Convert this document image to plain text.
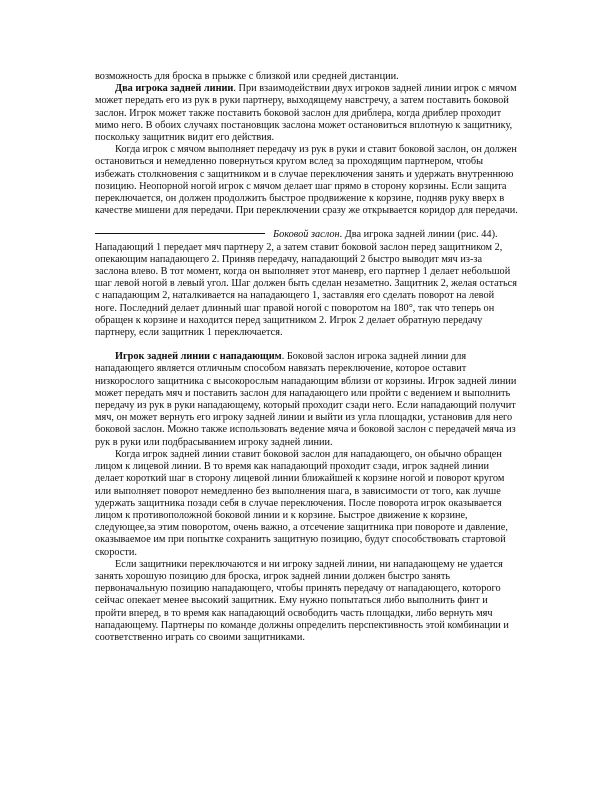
возможность для броска в прыжке с близкой или средней дистанции.

Два игрока задней линии. При взаимодействии двух игроков задней линии игрок с мячом может передать его из рук в руки партнеру, выходящему навстречу, а затем поставить боковой заслон. Игрок может также поставить боковой заслон для дриблера, когда дриблер проходит мимо него. В обоих случаях постановщик заслона может остановиться вплотную к защитнику, поскольку защитник видит его действия.

Когда игрок с мячом выполняет передачу из рук в руки и ставит боковой заслон, он должен остановиться и немедленно повернуться кругом вслед за проходящим партнером, чтобы избежать столкновения с защитником и в случае переключения занять и удержать внутреннюю позицию. Неопорной ногой игрок с мячом делает шаг прямо в сторону корзины. Если защита переключается, он должен продолжить быстрое продвижение к корзине, подняв руку вверх в качестве мишени для передачи. При переключении сразу же открывается коридор для передачи.

Боковой заслон. Два игрока задней линии (рис. 44). Нападающий 1 передает мяч партнеру 2, а затем ставит боковой заслон перед защитником 2, опекающим нападающего 2. Приняв передачу, нападающий 2 быстро выводит мяч из-за заслона влево. В тот момент, когда он выполняет этот маневр, его партнер 1 делает небольшой шаг левой ногой в левый угол. Шаг должен быть сделан незаметно. Защитник 2, желая остаться с нападающим 2, наталкивается на нападающего 1, заставляя его сделать поворот на левой ноге. Последний делает длинный шаг правой ногой с поворотом на 180°, так что теперь он обращен к корзине и находится перед защитником 2. Игрок 2 делает обратную передачу партнеру, если защитник 1 переключается.

Игрок задней линии с нападающим. Боковой заслон игрока задней линии для нападающего является отличным способом навязать переключение, которое оставит низкорослого защитника с высокорослым нападающим вблизи от корзины. Игрок задней линии может передать мяч и поставить заслон для нападающего или пройти с ведением и выполнить передачу из рук в руки нападающему, который проходит сзади него. Если нападающий получит мяч, он может вернуть его игроку задней линии и выйти из угла площадки, установив для него боковой заслон. Можно также использовать ведение мяча и боковой заслон с передачей мяча из рук в руки или подбрасыванием игроку задней линии.

Когда игрок задней линии ставит боковой заслон для нападающего, он обычно обращен лицом к лицевой линии. В то время как нападающий проходит сзади, игрок задней линии делает короткий шаг в сторону лицевой линии ближайшей к корзине ногой и поворот кругом или выполняет поворот немедленно без выполнения шага, в зависимости от того, как лучше удержать защитника позади себя в случае переключения. После поворота игрок оказывается лицом к противоположной боковой линии и к корзине. Быстрое движение к корзине, следующее,за этим поворотом, очень важно, а отсечение защитника при повороте и давление, оказываемое им при попытке сохранить защитную позицию, будут способствовать стартовой скорости.

Если защитники переключаются и ни игроку задней линии, ни нападающему не удается занять хорошую позицию для броска, игрок задней линии должен быстро занять первоначальную позицию нападающего, чтобы принять передачу от нападающего, которого сейчас опекает менее высокий защитник. Ему нужно попытаться либо выполнить финт и пройти вперед, в то время как нападающий освободить часть площадки, либо вернуть мяч нападающему. Партнеры по команде должны определить перспективность этой комбинации и соответственно играть со своими защитниками.
